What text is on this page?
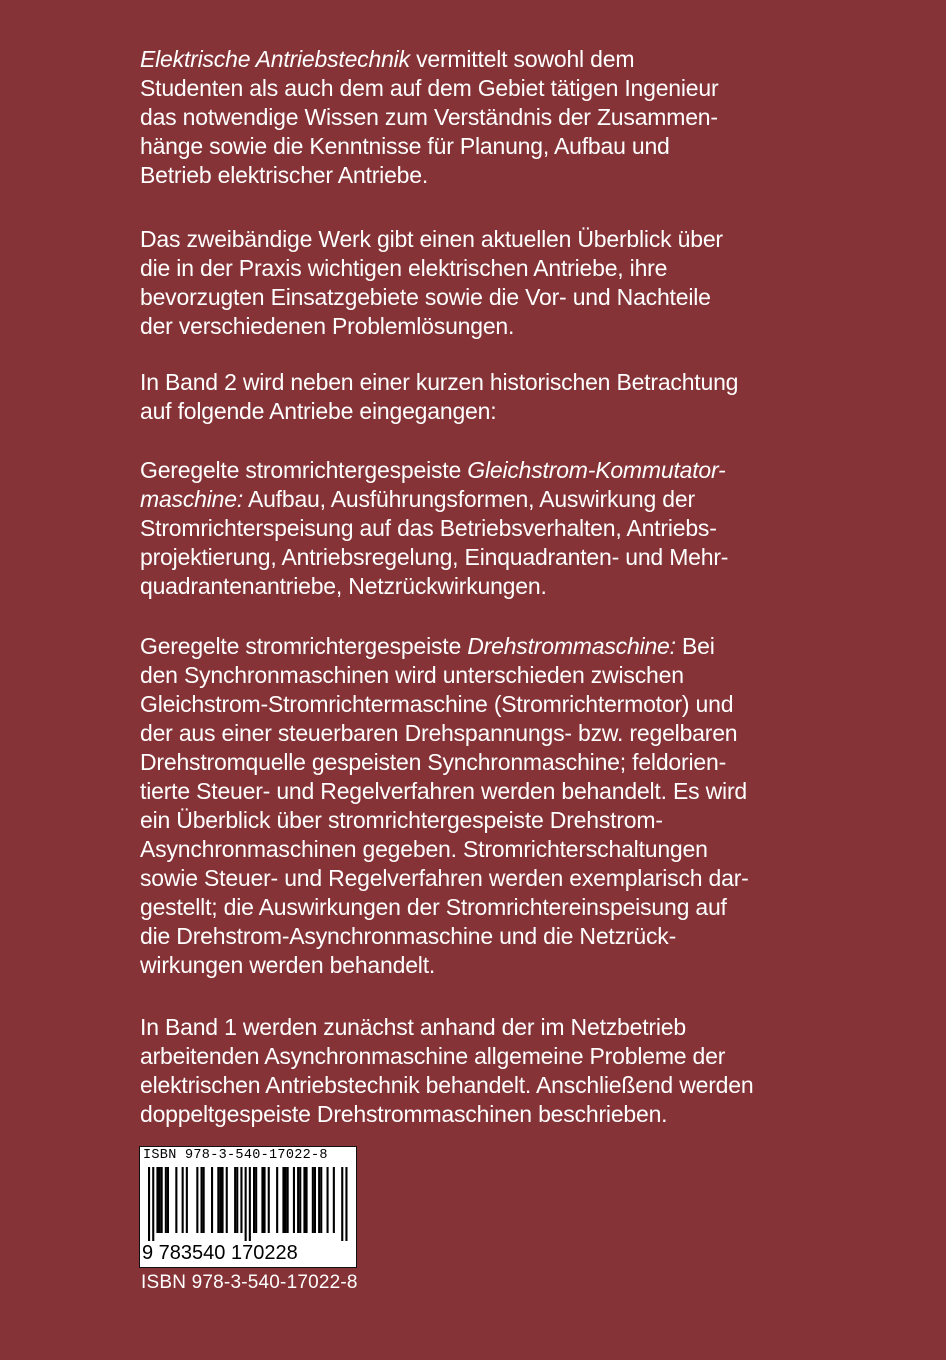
Elektrische Antriebstechnik vermittelt sowohl dem
Studenten als auch dem auf dem Gebiet tätigen Ingenieur
das notwendige Wissen zum Verständnis der Zusammen-
hänge sowie die Kenntnisse für Planung, Aufbau und
Betrieb elektrischer Antriebe.
Das zweibändige Werk gibt einen aktuellen Überblick über
die in der Praxis wichtigen elektrischen Antriebe, ihre
bevorzugten Einsatzgebiete sowie die Vor- und Nachteile
der verschiedenen Problemlösungen.
In Band 2 wird neben einer kurzen historischen Betrachtung
auf folgende Antriebe eingegangen:
Geregelte stromrichtergespeiste Gleichstrom-Kommutator-
maschine: Aufbau, Ausführungsformen, Auswirkung der
Stromrichterspeisung auf das Betriebsverhalten, Antriebs-
projektierung, Antriebsregelung, Einquadranten- und Mehr-
quadrantenantriebe, Netzrückwirkungen.
Geregelte stromrichtergespeiste Drehstrommaschine: Bei
den Synchronmaschinen wird unterschieden zwischen
Gleichstrom-Stromrichtermaschine (Stromrichtermotor) und
der aus einer steuerbaren Drehspannungs- bzw. regelbaren
Drehstromquelle gespeisten Synchronmaschine; feldorien-
tierte Steuer- und Regelverfahren werden behandelt. Es wird
ein Überblick über stromrichtergespeiste Drehstrom-
Asynchronmaschinen gegeben. Stromrichterschaltungen
sowie Steuer- und Regelverfahren werden exemplarisch dar-
gestellt; die Auswirkungen der Stromrichtereinspeisung auf
die Drehstrom-Asynchronmaschine und die Netzrück-
wirkungen werden behandelt.
In Band 1 werden zunächst anhand der im Netzbetrieb
arbeitenden Asynchronmaschine allgemeine Probleme der
elektrischen Antriebstechnik behandelt. Anschließend werden
doppeltgespeiste Drehstrommaschinen beschrieben.
ISBN 978-3-540-17022-8
9 783540 170228
ISBN 978-3-540-17022-8
